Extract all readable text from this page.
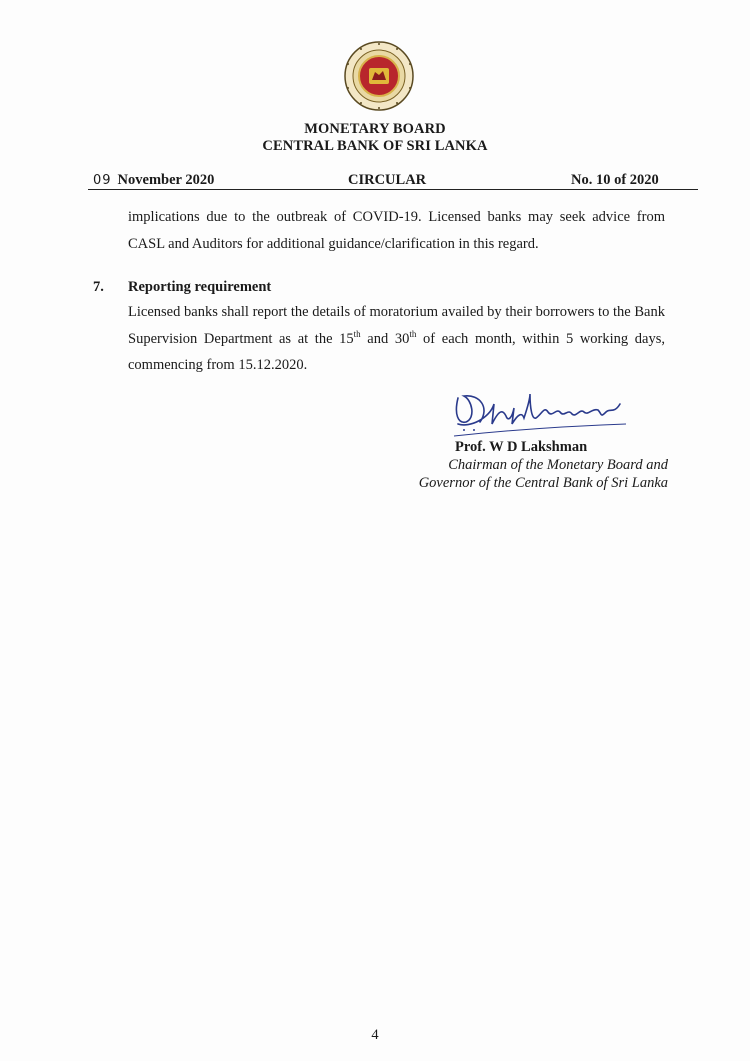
MONETARY BOARD
CENTRAL BANK OF SRI LANKA
09 November 2020	CIRCULAR	No. 10 of 2020
implications due to the outbreak of COVID-19. Licensed banks may seek advice from CASL and Auditors for additional guidance/clarification in this regard.
7. Reporting requirement
Licensed banks shall report the details of moratorium availed by their borrowers to the Bank Supervision Department as at the 15th and 30th of each month, within 5 working days, commencing from 15.12.2020.
Prof. W D Lakshman
Chairman of the Monetary Board and
Governor of the Central Bank of Sri Lanka
4
